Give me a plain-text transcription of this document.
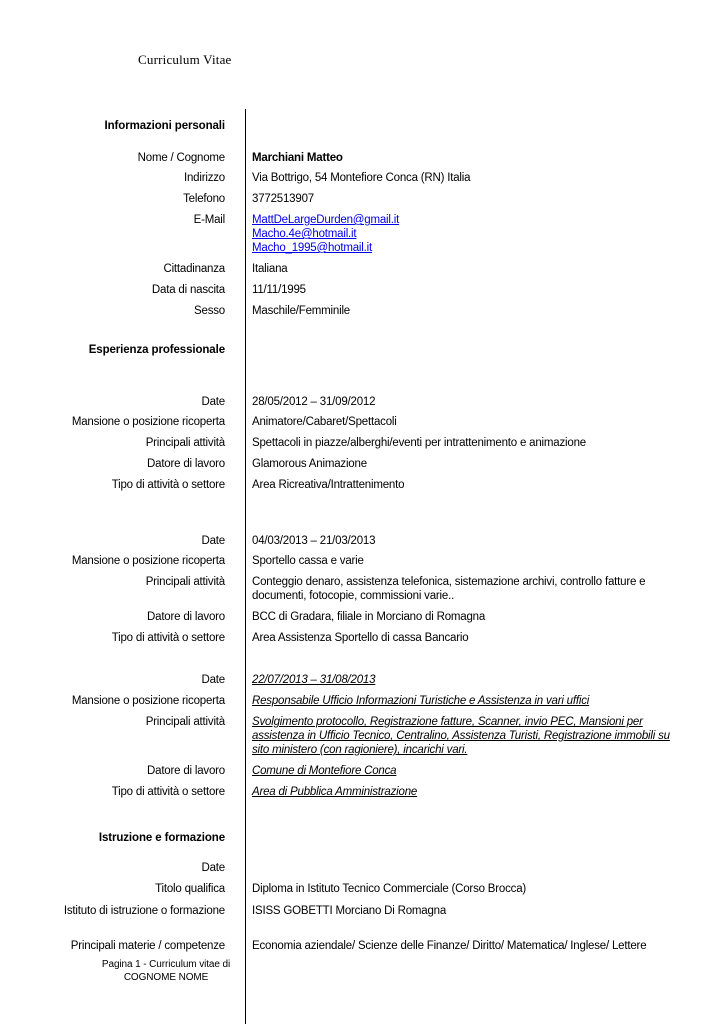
Curriculum Vitae
Informazioni personali
Nome / Cognome Marchiani Matteo
Indirizzo Via Bottrigo, 54 Montefiore Conca (RN) Italia
Telefono 3772513907
E-Mail MattDeLargeDurden@gmail.it
Macho.4e@hotmail.it
Macho_1995@hotmail.it
Cittadinanza Italiana
Data di nascita 11/11/1995
Sesso Maschile/Femminile
Esperienza professionale
Date 28/05/2012 – 31/09/2012
Mansione o posizione ricoperta Animatore/Cabaret/Spettacoli
Principali attività Spettacoli in piazze/alberghi/eventi per intrattenimento e animazione
Datore di lavoro Glamorous Animazione
Tipo di attività o settore Area Ricreativa/Intrattenimento
Date 04/03/2013 – 21/03/2013
Mansione o posizione ricoperta Sportello cassa e varie
Principali attività Conteggio denaro, assistenza telefonica, sistemazione archivi, controllo fatture e documenti, fotocopie, commissioni varie..
Datore di lavoro BCC di Gradara, filiale in Morciano di Romagna
Tipo di attività o settore Area Assistenza Sportello di cassa Bancario
Date 22/07/2013 – 31/08/2013
Mansione o posizione ricoperta Responsabile Ufficio Informazioni Turistiche e Assistenza in vari uffici
Principali attività Svolgimento protocollo, Registrazione fatture, Scanner, invio PEC, Mansioni per assistenza in Ufficio Tecnico, Centralino, Assistenza Turisti, Registrazione immobili su sito ministero (con ragioniere), incarichi vari.
Datore di lavoro Comune di Montefiore Conca
Tipo di attività o settore Area di Pubblica Amministrazione
Istruzione e formazione
Date
Titolo qualifica Diploma in Istituto Tecnico Commerciale (Corso Brocca)
Istituto di istruzione o formazione ISISS GOBETTI Morciano Di Romagna
Principali materie / competenze Economia aziendale/ Scienze delle Finanze/ Diritto/ Matematica/ Inglese/ Lettere
Pagina 1 - Curriculum vitae di
COGNOME NOME
